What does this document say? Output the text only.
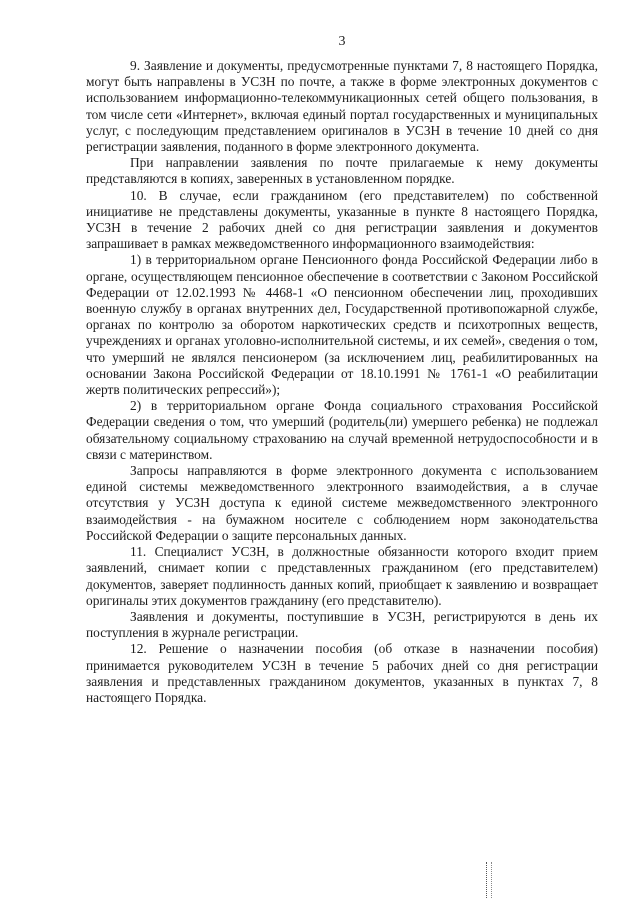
3

9. Заявление и документы, предусмотренные пунктами 7, 8 настоящего Порядка, могут быть направлены в УСЗН по почте, а также в форме электронных документов с использованием информационно-телекоммуникационных сетей общего пользования, в том числе сети «Интернет», включая единый портал государственных и муниципальных услуг, с последующим представлением оригиналов в УСЗН в течение 10 дней со дня регистрации заявления, поданного в форме электронного документа.

При направлении заявления по почте прилагаемые к нему документы представляются в копиях, заверенных в установленном порядке.

10. В случае, если гражданином (его представителем) по собственной инициативе не представлены документы, указанные в пункте 8 настоящего Порядка, УСЗН в течение 2 рабочих дней со дня регистрации заявления и документов запрашивает в рамках межведомственного информационного взаимодействия:

1) в территориальном органе Пенсионного фонда Российской Федерации либо в органе, осуществляющем пенсионное обеспечение в соответствии с Законом Российской Федерации от 12.02.1993 № 4468-1 «О пенсионном обеспечении лиц, проходивших военную службу в органах внутренних дел, Государственной противопожарной службе, органах по контролю за оборотом наркотических средств и психотропных веществ, учреждениях и органах уголовно-исполнительной системы, и их семей», сведения о том, что умерший не являлся пенсионером (за исключением лиц, реабилитированных на основании Закона Российской Федерации от 18.10.1991 № 1761-1 «О реабилитации жертв политических репрессий»);

2) в территориальном органе Фонда социального страхования Российской Федерации сведения о том, что умерший (родитель(ли) умершего ребенка) не подлежал обязательному социальному страхованию на случай временной нетрудоспособности и в связи с материнством.

Запросы направляются в форме электронного документа с использованием единой системы межведомственного электронного взаимодействия, а в случае отсутствия у УСЗН доступа к единой системе межведомственного электронного взаимодействия - на бумажном носителе с соблюдением норм законодательства Российской Федерации о защите персональных данных.

11. Специалист УСЗН, в должностные обязанности которого входит прием заявлений, снимает копии с представленных гражданином (его представителем) документов, заверяет подлинность данных копий, приобщает к заявлению и возвращает оригиналы этих документов гражданину (его представителю).

Заявления и документы, поступившие в УСЗН, регистрируются в день их поступления в журнале регистрации.

12. Решение о назначении пособия (об отказе в назначении пособия) принимается руководителем УСЗН в течение 5 рабочих дней со дня регистрации заявления и представленных гражданином документов, указанных в пунктах 7, 8 настоящего Порядка.
